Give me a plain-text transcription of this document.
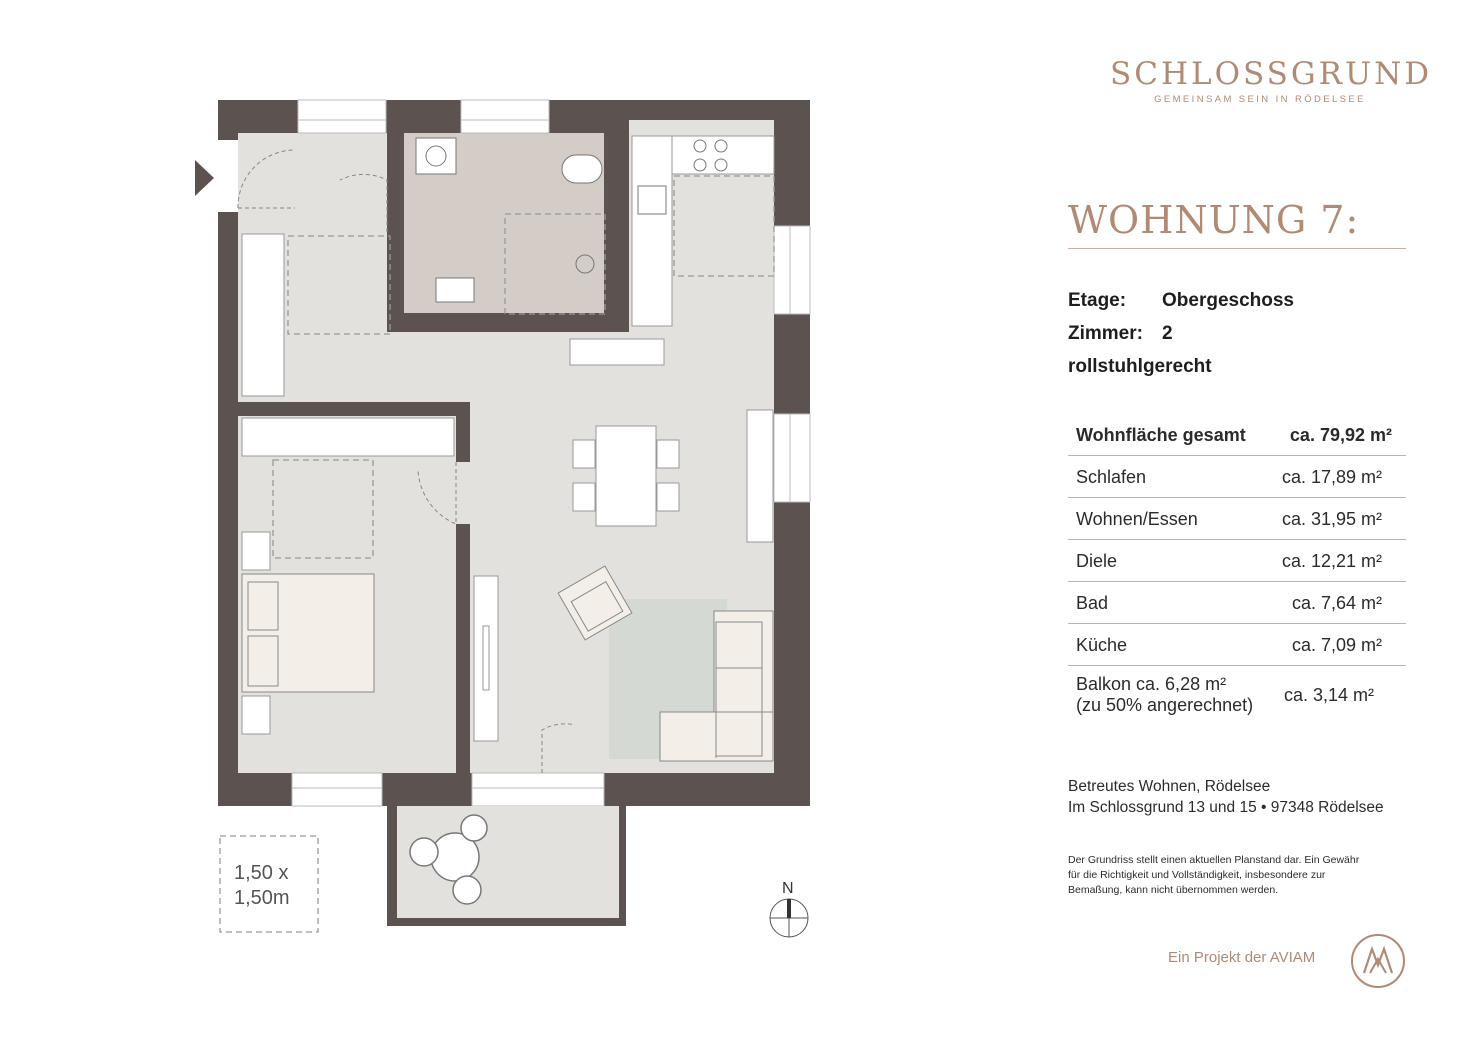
1,50 x
1,50m	N
SCHLOSSGRUND
GEMEINSAM SEIN IN RÖDELSEE
WOHNUNG 7:
Etage: Obergeschoss
Zimmer: 2
rollstuhlgerecht
Wohnfläche gesamt ca. 79,92 m²
Schlafen	ca. 17,89 m²
Wohnen/Essen	ca. 31,95 m²
Diele	ca. 12,21 m²
Bad	ca. 7,64 m²
Küche	ca. 7,09 m²
Balkon ca. 6,28 m²
(zu 50% angerechnet) ca. 3,14 m²
Betreutes Wohnen, Rödelsee
Im Schlossgrund 13 und 15 • 97348 Rödelsee
Der Grundriss stellt einen aktuellen Planstand dar. Ein Gewähr
für die Richtigkeit und Vollständigkeit, insbesondere zur
Bemaßung, kann nicht übernommen werden.
Ein Projekt der AVIAM
